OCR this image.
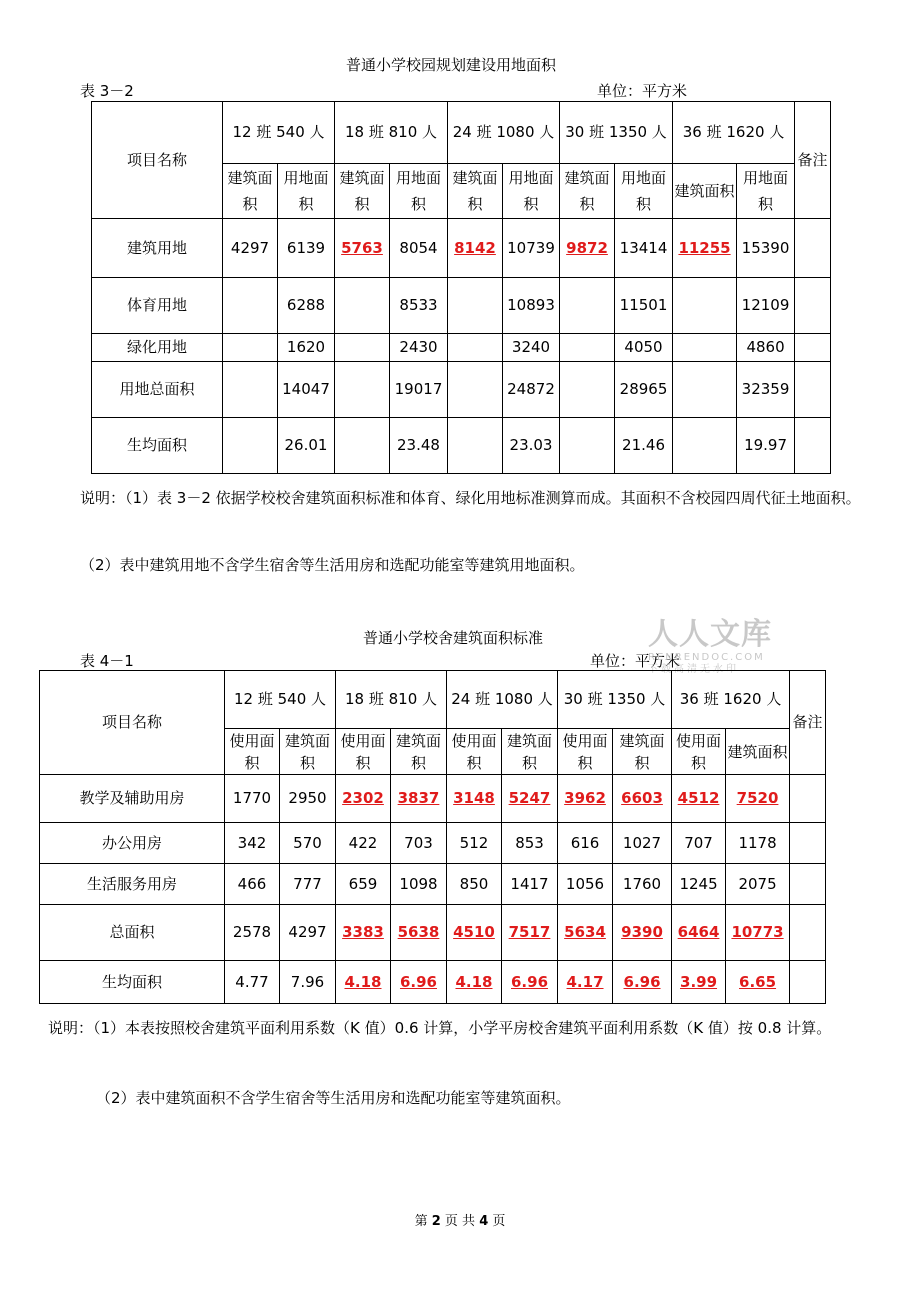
普通小学校园规划建设用地面积
表 3－2	单位：平方米
项目名称	12 班 540 人		18 班 810 人		24 班 1080 人		30 班 1350 人		36 班 1620 人		备注
	建筑面积	用地面积	建筑面积	用地面积	建筑面积	用地面积	建筑面积	用地面积	建筑面积	用地面积	
建筑用地	4297	6139	5763	8054	8142	10739	9872	13414	11255	15390	
体育用地		6288		8533		10893		11501		12109	
绿化用地		1620		2430		3240		4050		4860	
用地总面积		14047		19017		24872		28965		32359	
生均面积		26.01		23.48		23.03		21.46		19.97	
说明：（1）表 3－2 依据学校校舍建筑面积标准和体育、绿化用地标准测算而成。其面积不含校园四周代征土地面积。
（2）表中建筑用地不含学生宿舍等生活用房和选配功能室等建筑用地面积。
普通小学校舍建筑面积标准
表 4－1	单位：平方米
人人文库
RENRENDOC.COM
下载高清无水印
项目名称	12 班 540 人		18 班 810 人		24 班 1080 人		30 班 1350 人		36 班 1620 人		备注
	使用面积	建筑面积	使用面积	建筑面积	使用面积	建筑面积	使用面积	建筑面积	使用面积	建筑面积	
教学及辅助用房	1770	2950	2302	3837	3148	5247	3962	6603	4512	7520	
办公用房	342	570	422	703	512	853	616	1027	707	1178	
生活服务用房	466	777	659	1098	850	1417	1056	1760	1245	2075	
总面积	2578	4297	3383	5638	4510	7517	5634	9390	6464	10773	
生均面积	4.77	7.96	4.18	6.96	4.18	6.96	4.17	6.96	3.99	6.65	
说明：（1）本表按照校舍建筑平面利用系数（K 值）0.6 计算，小学平房校舍建筑平面利用系数（K 值）按 0.8 计算。
（2）表中建筑面积不含学生宿舍等生活用房和选配功能室等建筑面积。
第 2 页 共 4 页
